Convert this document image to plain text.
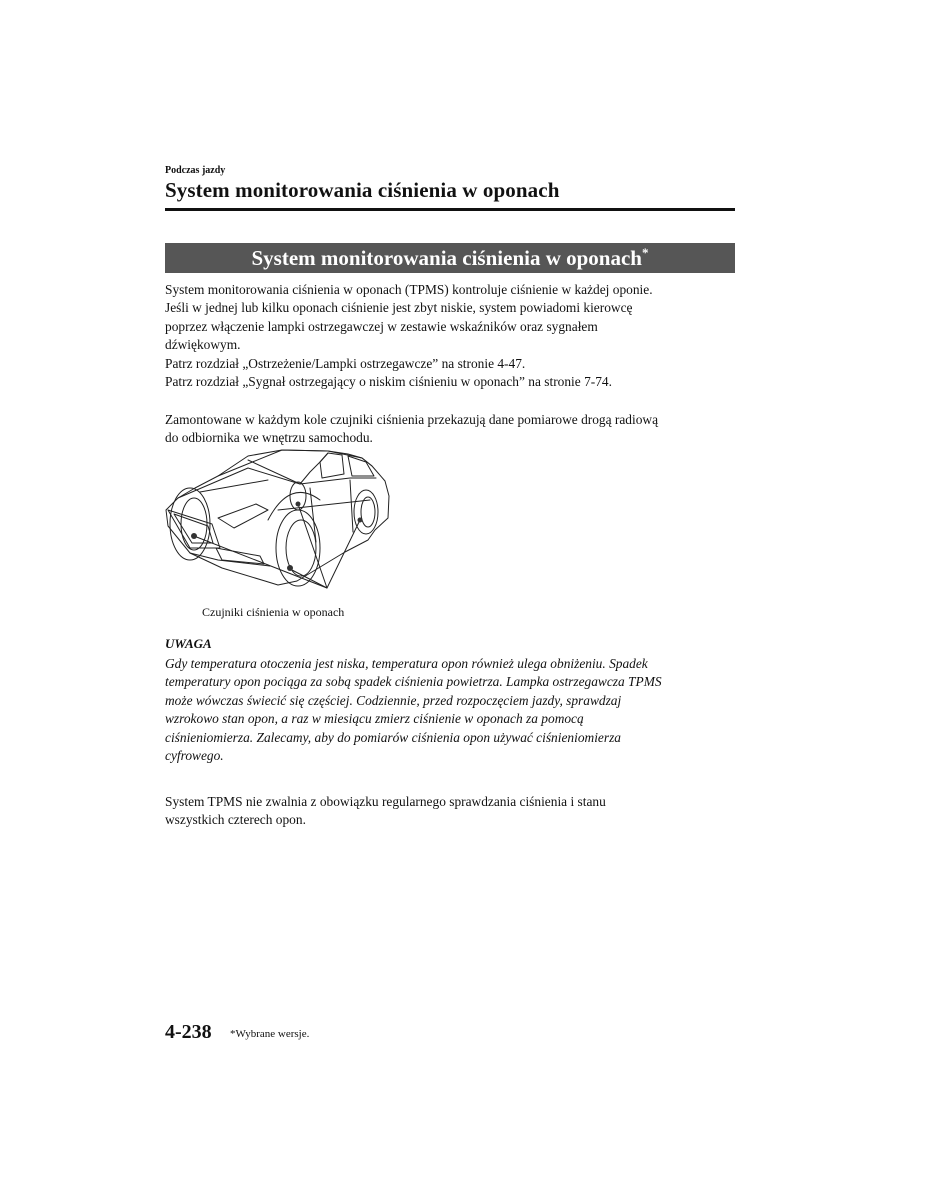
Podczas jazdy
System monitorowania ciśnienia w oponach
System monitorowania ciśnienia w oponach*

System monitorowania ciśnienia w oponach (TPMS) kontroluje ciśnienie w każdej oponie.
Jeśli w jednej lub kilku oponach ciśnienie jest zbyt niskie, system powiadomi kierowcę
poprzez włączenie lampki ostrzegawczej w zestawie wskaźników oraz sygnałem
dźwiękowym.

Patrz rozdział „Ostrzeżenie/Lampki ostrzegawcze” na stronie 4-47.

Patrz rozdział „Sygnał ostrzegający o niskim ciśnieniu w oponach” na stronie 7-74.

Zamontowane w każdym kole czujniki ciśnienia przekazują dane pomiarowe drogą radiową
do odbiornika we wnętrzu samochodu.

Czujniki ciśnienia w oponach
UWAGA

Gdy temperatura otoczenia jest niska, temperatura opon również ulega obniżeniu. Spadek
temperatury opon pociąga za sobą spadek ciśnienia powietrza. Lampka ostrzegawcza TPMS
może wówczas świecić się częściej. Codziennie, przed rozpoczęciem jazdy, sprawdzaj
wzrokowo stan opon, a raz w miesiącu zmierz ciśnienie w oponach za pomocą
ciśnieniomierza. Zalecamy, aby do pomiarów ciśnienia opon używać ciśnieniomierza
cyfrowego.

System TPMS nie zwalnia z obowiązku regularnego sprawdzania ciśnienia i stanu
wszystkich czterech opon.

4-238 *Wybrane wersje.
